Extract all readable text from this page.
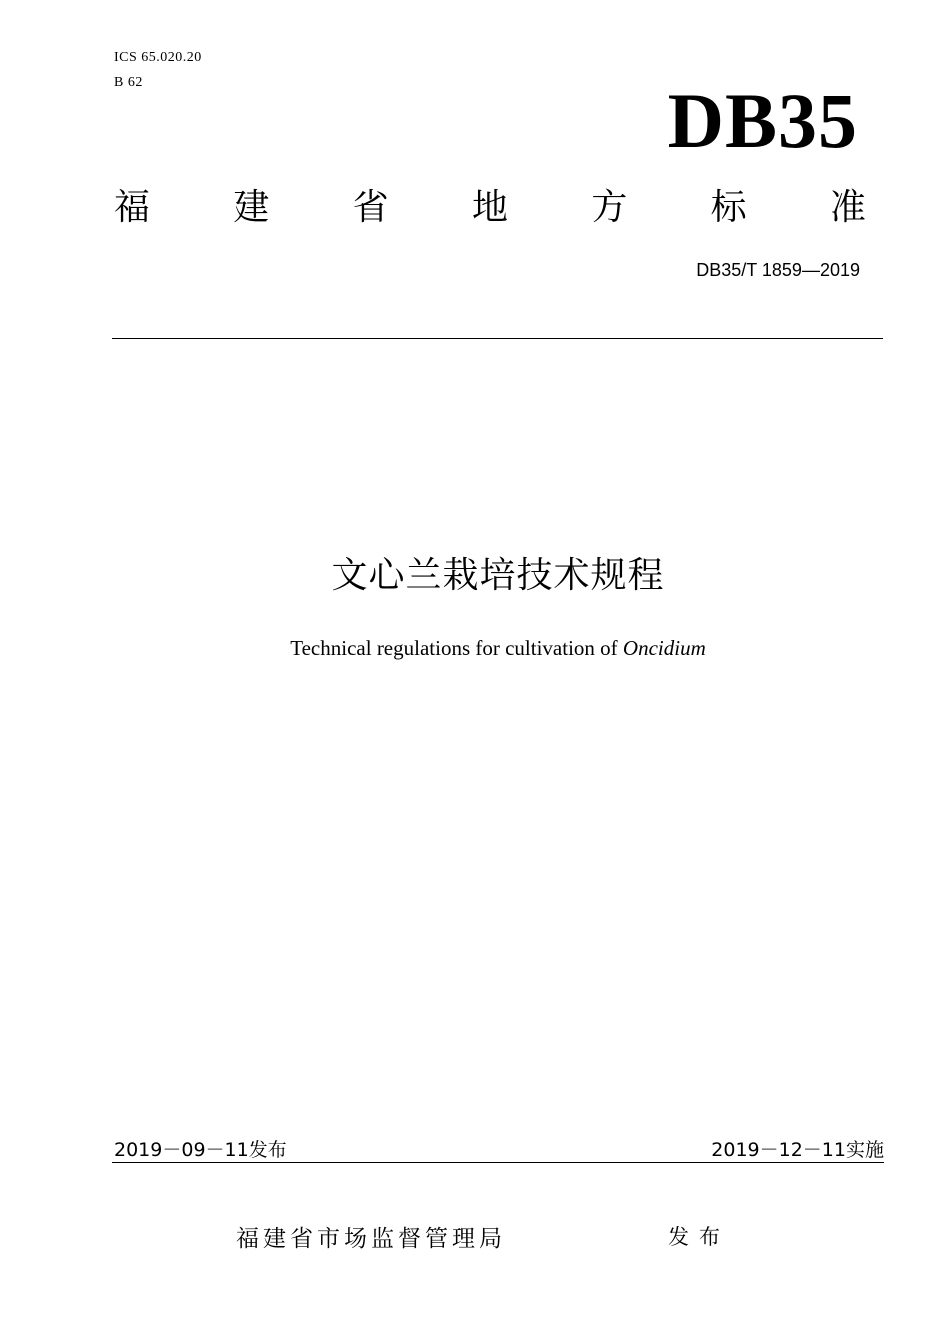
ICS 65.020.20
B 62	DB35
福 建 省 地 方 标 准
DB35/T 1859—2019
文心兰栽培技术规程
Technical regulations for cultivation of Oncidium
2019－09－11发布	2019－12－11实施
福建省市场监督管理局	发布
